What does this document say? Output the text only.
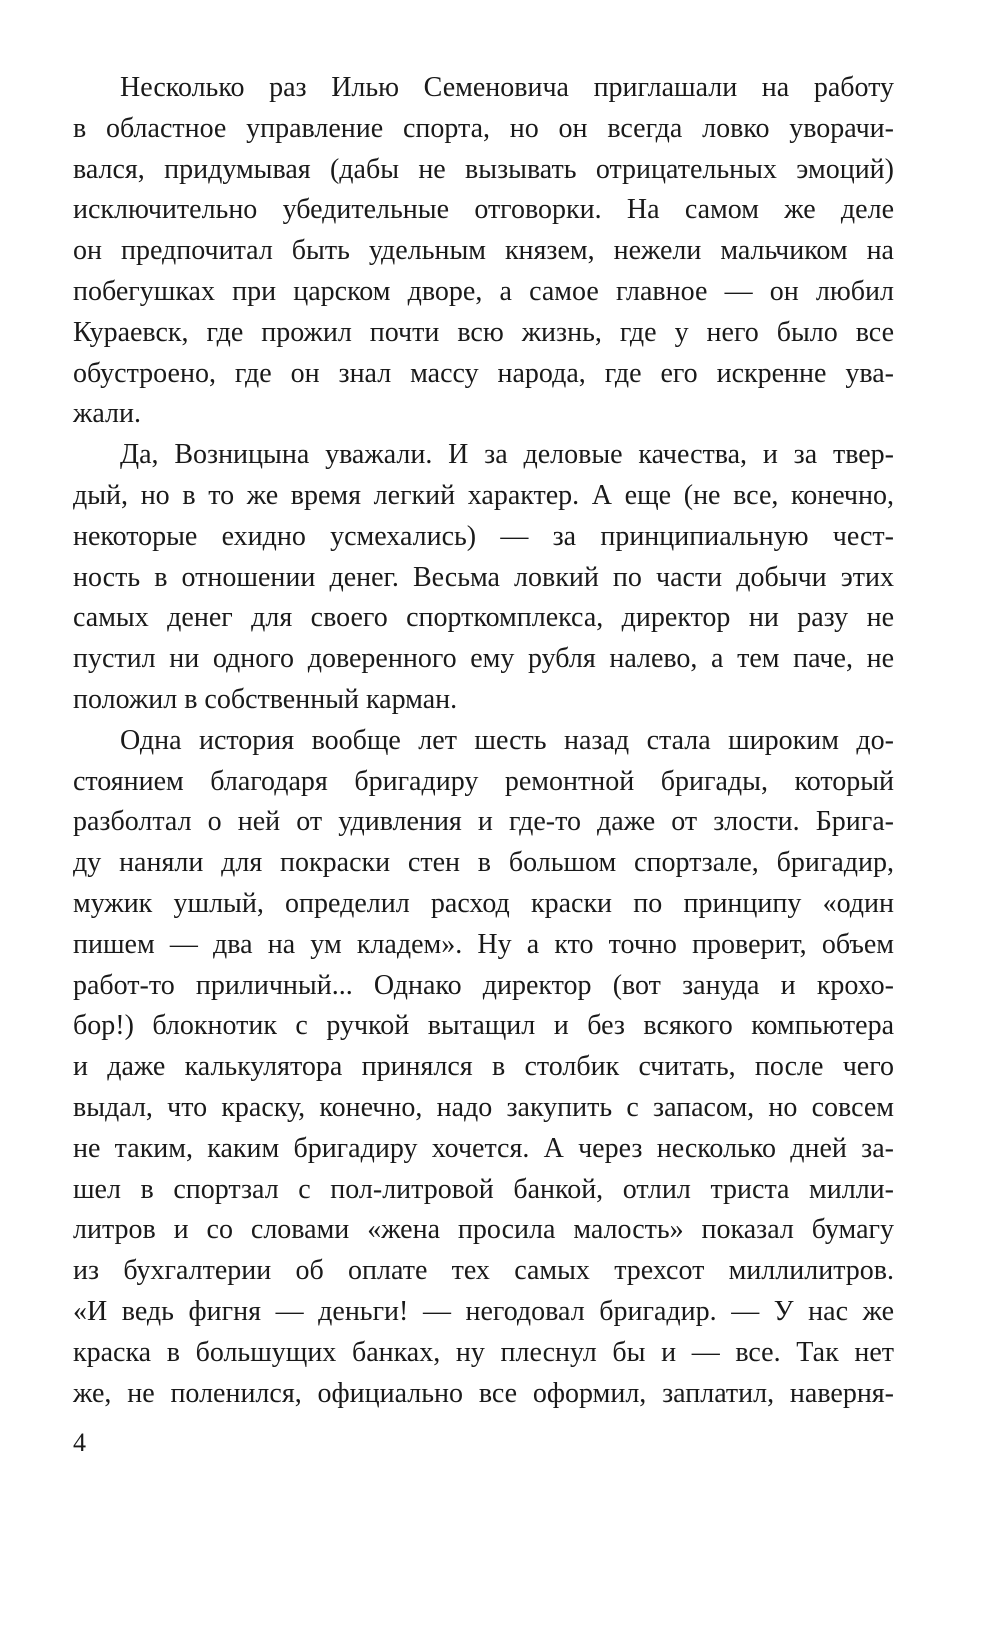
Несколько раз Илью Семеновича приглашали на работу
в областное управление спорта, но он всегда ловко уворачи-
вался, придумывая (дабы не вызывать отрицательных эмоций)
исключительно убедительные отговорки. На самом же деле
он предпочитал быть удельным князем, нежели мальчиком на
побегушках при царском дворе, а самое главное — он любил
Кураевск, где прожил почти всю жизнь, где у него было все
обустроено, где он знал массу народа, где его искренне ува-
жали.
Да, Возницына уважали. И за деловые качества, и за твер-
дый, но в то же время легкий характер. А еще (не все, конечно,
некоторые ехидно усмехались) — за принципиальную чест-
ность в отношении денег. Весьма ловкий по части добычи этих
самых денег для своего спорткомплекса, директор ни разу не
пустил ни одного доверенного ему рубля налево, а тем паче, не
положил в собственный карман.
Одна история вообще лет шесть назад стала широким до-
стоянием благодаря бригадиру ремонтной бригады, который
разболтал о ней от удивления и где-то даже от злости. Брига-
ду наняли для покраски стен в большом спортзале, бригадир,
мужик ушлый, определил расход краски по принципу «один
пишем — два на ум кладем». Ну а кто точно проверит, объем
работ-то приличный... Однако директор (вот зануда и крохо-
бор!) блокнотик с ручкой вытащил и без всякого компьютера
и даже калькулятора принялся в столбик считать, после чего
выдал, что краску, конечно, надо закупить с запасом, но совсем
не таким, каким бригадиру хочется. А через несколько дней за-
шел в спортзал с пол-литровой банкой, отлил триста милли-
литров и со словами «жена просила малость» показал бумагу
из бухгалтерии об оплате тех самых трехсот миллилитров.
«И ведь фигня — деньги! — негодовал бригадир. — У нас же
краска в большущих банках, ну плеснул бы и — все. Так нет
же, не поленился, официально все оформил, заплатил, наверня-
4
